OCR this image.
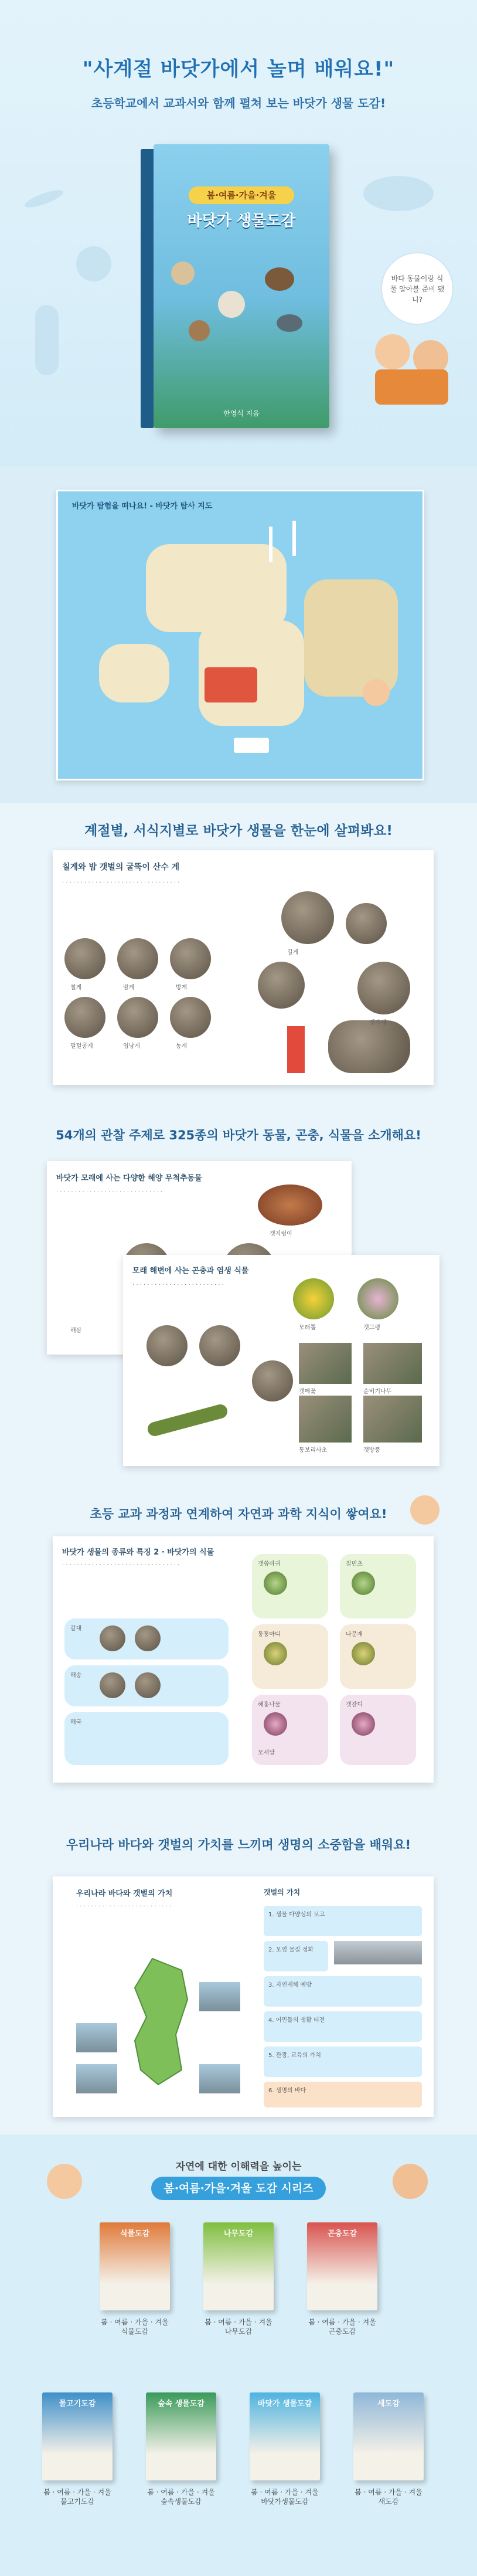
"사계절 바닷가에서 놀며 배워요!"
초등학교에서 교과서와 함께 펼쳐 보는 바닷가 생물 도감!
봄·여름·가을·겨울
바닷가 생물도감
한영식 지음
바다 동물이랑 식물 알아볼 준비 됐니?
바닷가 탐험을 떠나요! - 바닷가 탐사 지도
계절별, 서식지별로 바닷가 생물을 한눈에 살펴봐요!
칠게와 밤 갯벌의 굴뚝이 산수 게
· · · · · · · · · · · · · · · · · · · · · · · · · · · · · · · ·
칠게	밤게	방게
펄털콩게	엽낭게	농게
길게
갯가게
54개의 관찰 주제로 325종의 바닷가 동물, 곤충, 식물을 소개해요!
바닷가 모래에 사는 다양한 해양 무척추동물
· · · · · · · · · · · · · · · · · · · · · · · · · · · · ·
갯지렁이
해삼
모래 해변에 사는 곤충과 염생 식물
· · · · · · · · · · · · · · · · · · · · · · · · ·
모래톱	갯그령
갯메꽃	순비기나무
통보리사초	갯방풍
초등 교과 과정과 연계하여 자연과 과학 지식이 쌓여요!
바닷가 생물의 종류와 특징 2 · 바닷가의 식물
· · · · · · · · · · · · · · · · · · · · · · · · · · · · · · · ·
갈대
해송
해국
갯씀바귀	칠면초
퉁퉁마디	나문재
해홍나물	갯잔디
모새달
우리나라 바다와 갯벌의 가치를 느끼며 생명의 소중함을 배워요!
우리나라 바다와 갯벌의 가치
· · · · · · · · · · · · · · · · · · · · · · · · · ·
갯벌의 가치
1. 생물 다양성의 보고
2. 오염 물질 정화
3. 자연재해 예방
4. 어민들의 생활 터전
5. 관광, 교육의 가치
6. 생명의 바다
자연에 대한 이해력을 높이는
봄·여름·가을·겨울 도감 시리즈
식물도감	나무도감	곤충도감
봄 · 여름 · 가을 · 겨울
식물도감
봄 · 여름 · 가을 · 겨울
나무도감
봄 · 여름 · 가을 · 겨울
곤충도감
물고기도감	숲속 생물도감	바닷가 생물도감	새도감
봄 · 여름 · 가을 · 겨울
물고기도감
봄 · 여름 · 가을 · 겨울
숲속생물도감
봄 · 여름 · 가을 · 겨울
바닷가생물도감
봄 · 여름 · 가을 · 겨울
새도감
